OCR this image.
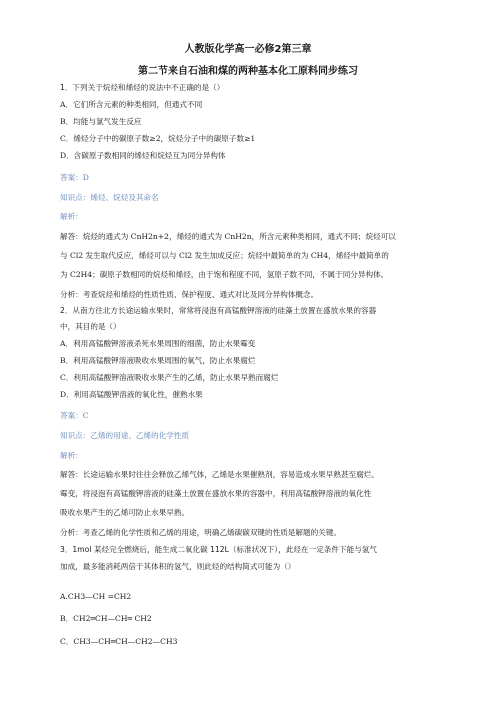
人教版化学高一必修2第三章
第二节来自石油和煤的两种基本化工原料同步练习
1．下列关于烷烃和烯烃的说法中不正确的是（）
A．它们所含元素的种类相同，但通式不同
B．均能与氯气发生反应
C．烯烃分子中的碳原子数≥2，烷烃分子中的碳原子数≥1
D．含碳原子数相同的烯烃和烷烃互为同分异构体
答案：D
知识点：烯烃、烷烃及其命名
解析：
解答：烷烃的通式为 CnH2n+2，烯烃的通式为 CnH2n，所含元素种类相同，通式不同；烷烃可以
与 Cl2 发生取代反应，烯烃可以与 Cl2 发生加成反应；烷烃中最简单的为 CH4，烯烃中最简单的
为 C2H4；碳原子数相同的烷烃和烯烃，由于饱和程度不同，氢原子数不同，不属于同分异构体。
分析：考查烷烃和烯烃的性质性质、保护程度、通式对比及同分异构体概念。
2．从南方往北方长途运输水果时，常常将浸泡有高锰酸钾溶液的硅藻土放置在盛放水果的容器
中，其目的是（）
A．利用高锰酸钾溶液杀死水果周围的细菌，防止水果霉变
B．利用高锰酸钾溶液吸收水果周围的氧气，防止水果腐烂
C．利用高锰酸钾溶液吸收水果产生的乙烯，防止水果早熟而腐烂
D．利用高锰酸钾溶液的氧化性，催熟水果
答案：C
知识点：乙烯的用途、乙烯的化学性质
解析：
解答：长途运输水果时往往会释放乙烯气体，乙烯是水果催熟剂，容易造成水果早熟甚至腐烂、
霉变，将浸泡有高锰酸钾溶液的硅藻土放置在盛放水果的容器中，利用高锰酸钾溶液的氧化性
吸收水果产生的乙烯可防止水果早熟。
分析：考查乙烯的化学性质和乙烯的用途，明确乙烯碳碳双键的性质是解题的关键。
3．1mol 某烃完全燃烧后，能生成二氧化碳 112L（标准状况下），此烃在一定条件下能与氢气
加成，最多能消耗两倍于其体积的氢气，则此烃的结构简式可能为（）
A.CH3—CH =CH2
B．CH2═CH—CH═ CH2
C．CH3—CH═CH—CH2—CH3
